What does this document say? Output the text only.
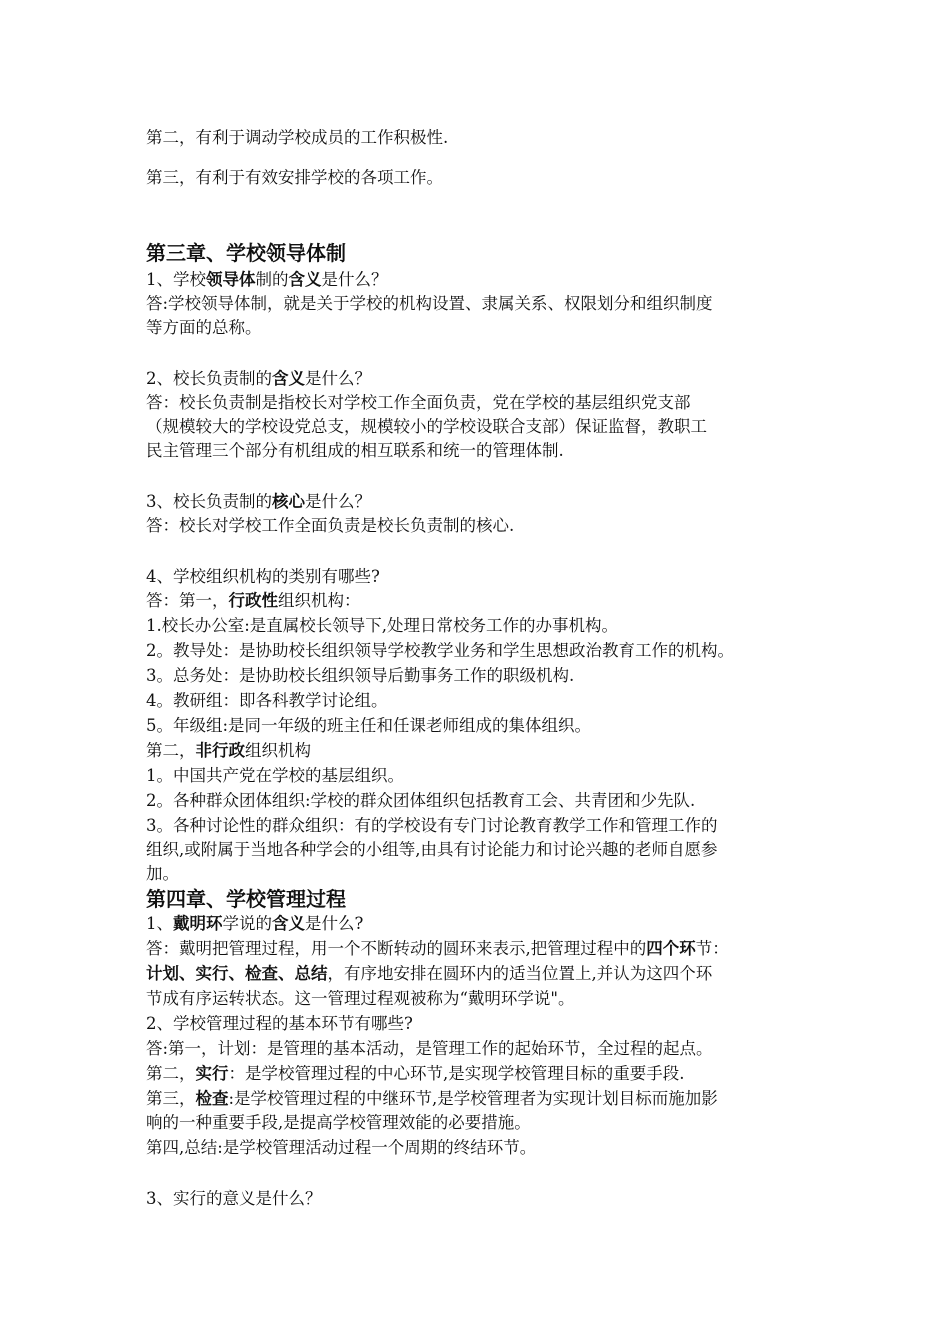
第二，有利于调动学校成员的工作积极性.

第三，有利于有效安排学校的各项工作。

第三章、学校领导体制

1、学校领导体制的含义是什么？

答:学校领导体制，就是关于学校的机构设置、隶属关系、权限划分和组织制度

等方面的总称。

2、校长负责制的含义是什么？

答：校长负责制是指校长对学校工作全面负责，党在学校的基层组织党支部

（规模较大的学校设党总支，规模较小的学校设联合支部）保证监督，教职工

民主管理三个部分有机组成的相互联系和统一的管理体制.

3、校长负责制的核心是什么？

答：校长对学校工作全面负责是校长负责制的核心.

4、学校组织机构的类别有哪些?

答：第一，行政性组织机构：

1.校长办公室:是直属校长领导下,处理日常校务工作的办事机构。

2。教导处：是协助校长组织领导学校教学业务和学生思想政治教育工作的机构。

3。总务处：是协助校长组织领导后勤事务工作的职级机构.

4。教研组：即各科教学讨论组。

5。年级组:是同一年级的班主任和任课老师组成的集体组织。

第二，非行政组织机构

1。中国共产党在学校的基层组织。

2。各种群众团体组织:学校的群众团体组织包括教育工会、共青团和少先队.

3。各种讨论性的群众组织：有的学校设有专门讨论教育教学工作和管理工作的

组织,或附属于当地各种学会的小组等,由具有讨论能力和讨论兴趣的老师自愿参

加。

第四章、学校管理过程

1、戴明环学说的含义是什么?

答：戴明把管理过程，用一个不断转动的圆环来表示,把管理过程中的四个环节：

计划、实行、检查、总结，有序地安排在圆环内的适当位置上,并认为这四个环

节成有序运转状态。这一管理过程观被称为“戴明环学说"。

2、学校管理过程的基本环节有哪些?

答:第一，计划：是管理的基本活动，是管理工作的起始环节，全过程的起点。

第二，实行：是学校管理过程的中心环节,是实现学校管理目标的重要手段.

第三，检查:是学校管理过程的中继环节,是学校管理者为实现计划目标而施加影

响的一种重要手段,是提高学校管理效能的必要措施。

第四,总结:是学校管理活动过程一个周期的终结环节。

3、实行的意义是什么？
